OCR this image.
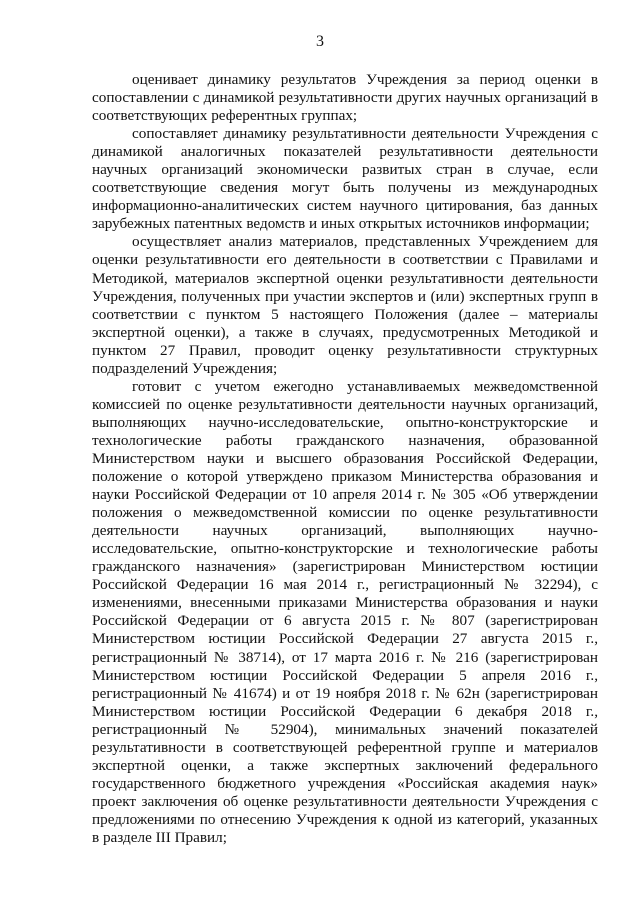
3

оценивает динамику результатов Учреждения за период оценки в сопоставлении с динамикой результативности других научных организаций в соответствующих референтных группах;

сопоставляет динамику результативности деятельности Учреждения с динамикой аналогичных показателей результативности деятельности научных организаций экономически развитых стран в случае, если соответствующие сведения могут быть получены из международных информационно-аналитических систем научного цитирования, баз данных зарубежных патентных ведомств и иных открытых источников информации;

осуществляет анализ материалов, представленных Учреждением для оценки результативности его деятельности в соответствии с Правилами и Методикой, материалов экспертной оценки результативности деятельности Учреждения, полученных при участии экспертов и (или) экспертных групп в соответствии с пунктом 5 настоящего Положения (далее – материалы экспертной оценки), а также в случаях, предусмотренных Методикой и пунктом 27 Правил, проводит оценку результативности структурных подразделений Учреждения;

готовит с учетом ежегодно устанавливаемых межведомственной комиссией по оценке результативности деятельности научных организаций, выполняющих научно-исследовательские, опытно-конструкторские и технологические работы гражданского назначения, образованной Министерством науки и высшего образования Российской Федерации, положение о которой утверждено приказом Министерства образования и науки Российской Федерации от 10 апреля 2014 г. № 305 «Об утверждении положения о межведомственной комиссии по оценке результативности деятельности научных организаций, выполняющих научно-исследовательские, опытно-конструкторские и технологические работы гражданского назначения» (зарегистрирован Министерством юстиции Российской Федерации 16 мая 2014 г., регистрационный № 32294), с изменениями, внесенными приказами Министерства образования и науки Российской Федерации от 6 августа 2015 г. № 807 (зарегистрирован Министерством юстиции Российской Федерации 27 августа 2015 г., регистрационный № 38714), от 17 марта 2016 г. № 216 (зарегистрирован Министерством юстиции Российской Федерации 5 апреля 2016 г., регистрационный № 41674) и от 19 ноября 2018 г. № 62н (зарегистрирован Министерством юстиции Российской Федерации 6 декабря 2018 г., регистрационный № 52904), минимальных значений показателей результативности в соответствующей референтной группе и материалов экспертной оценки, а также экспертных заключений федерального государственного бюджетного учреждения «Российская академия наук» проект заключения об оценке результативности деятельности Учреждения с предложениями по отнесению Учреждения к одной из категорий, указанных в разделе III Правил;
